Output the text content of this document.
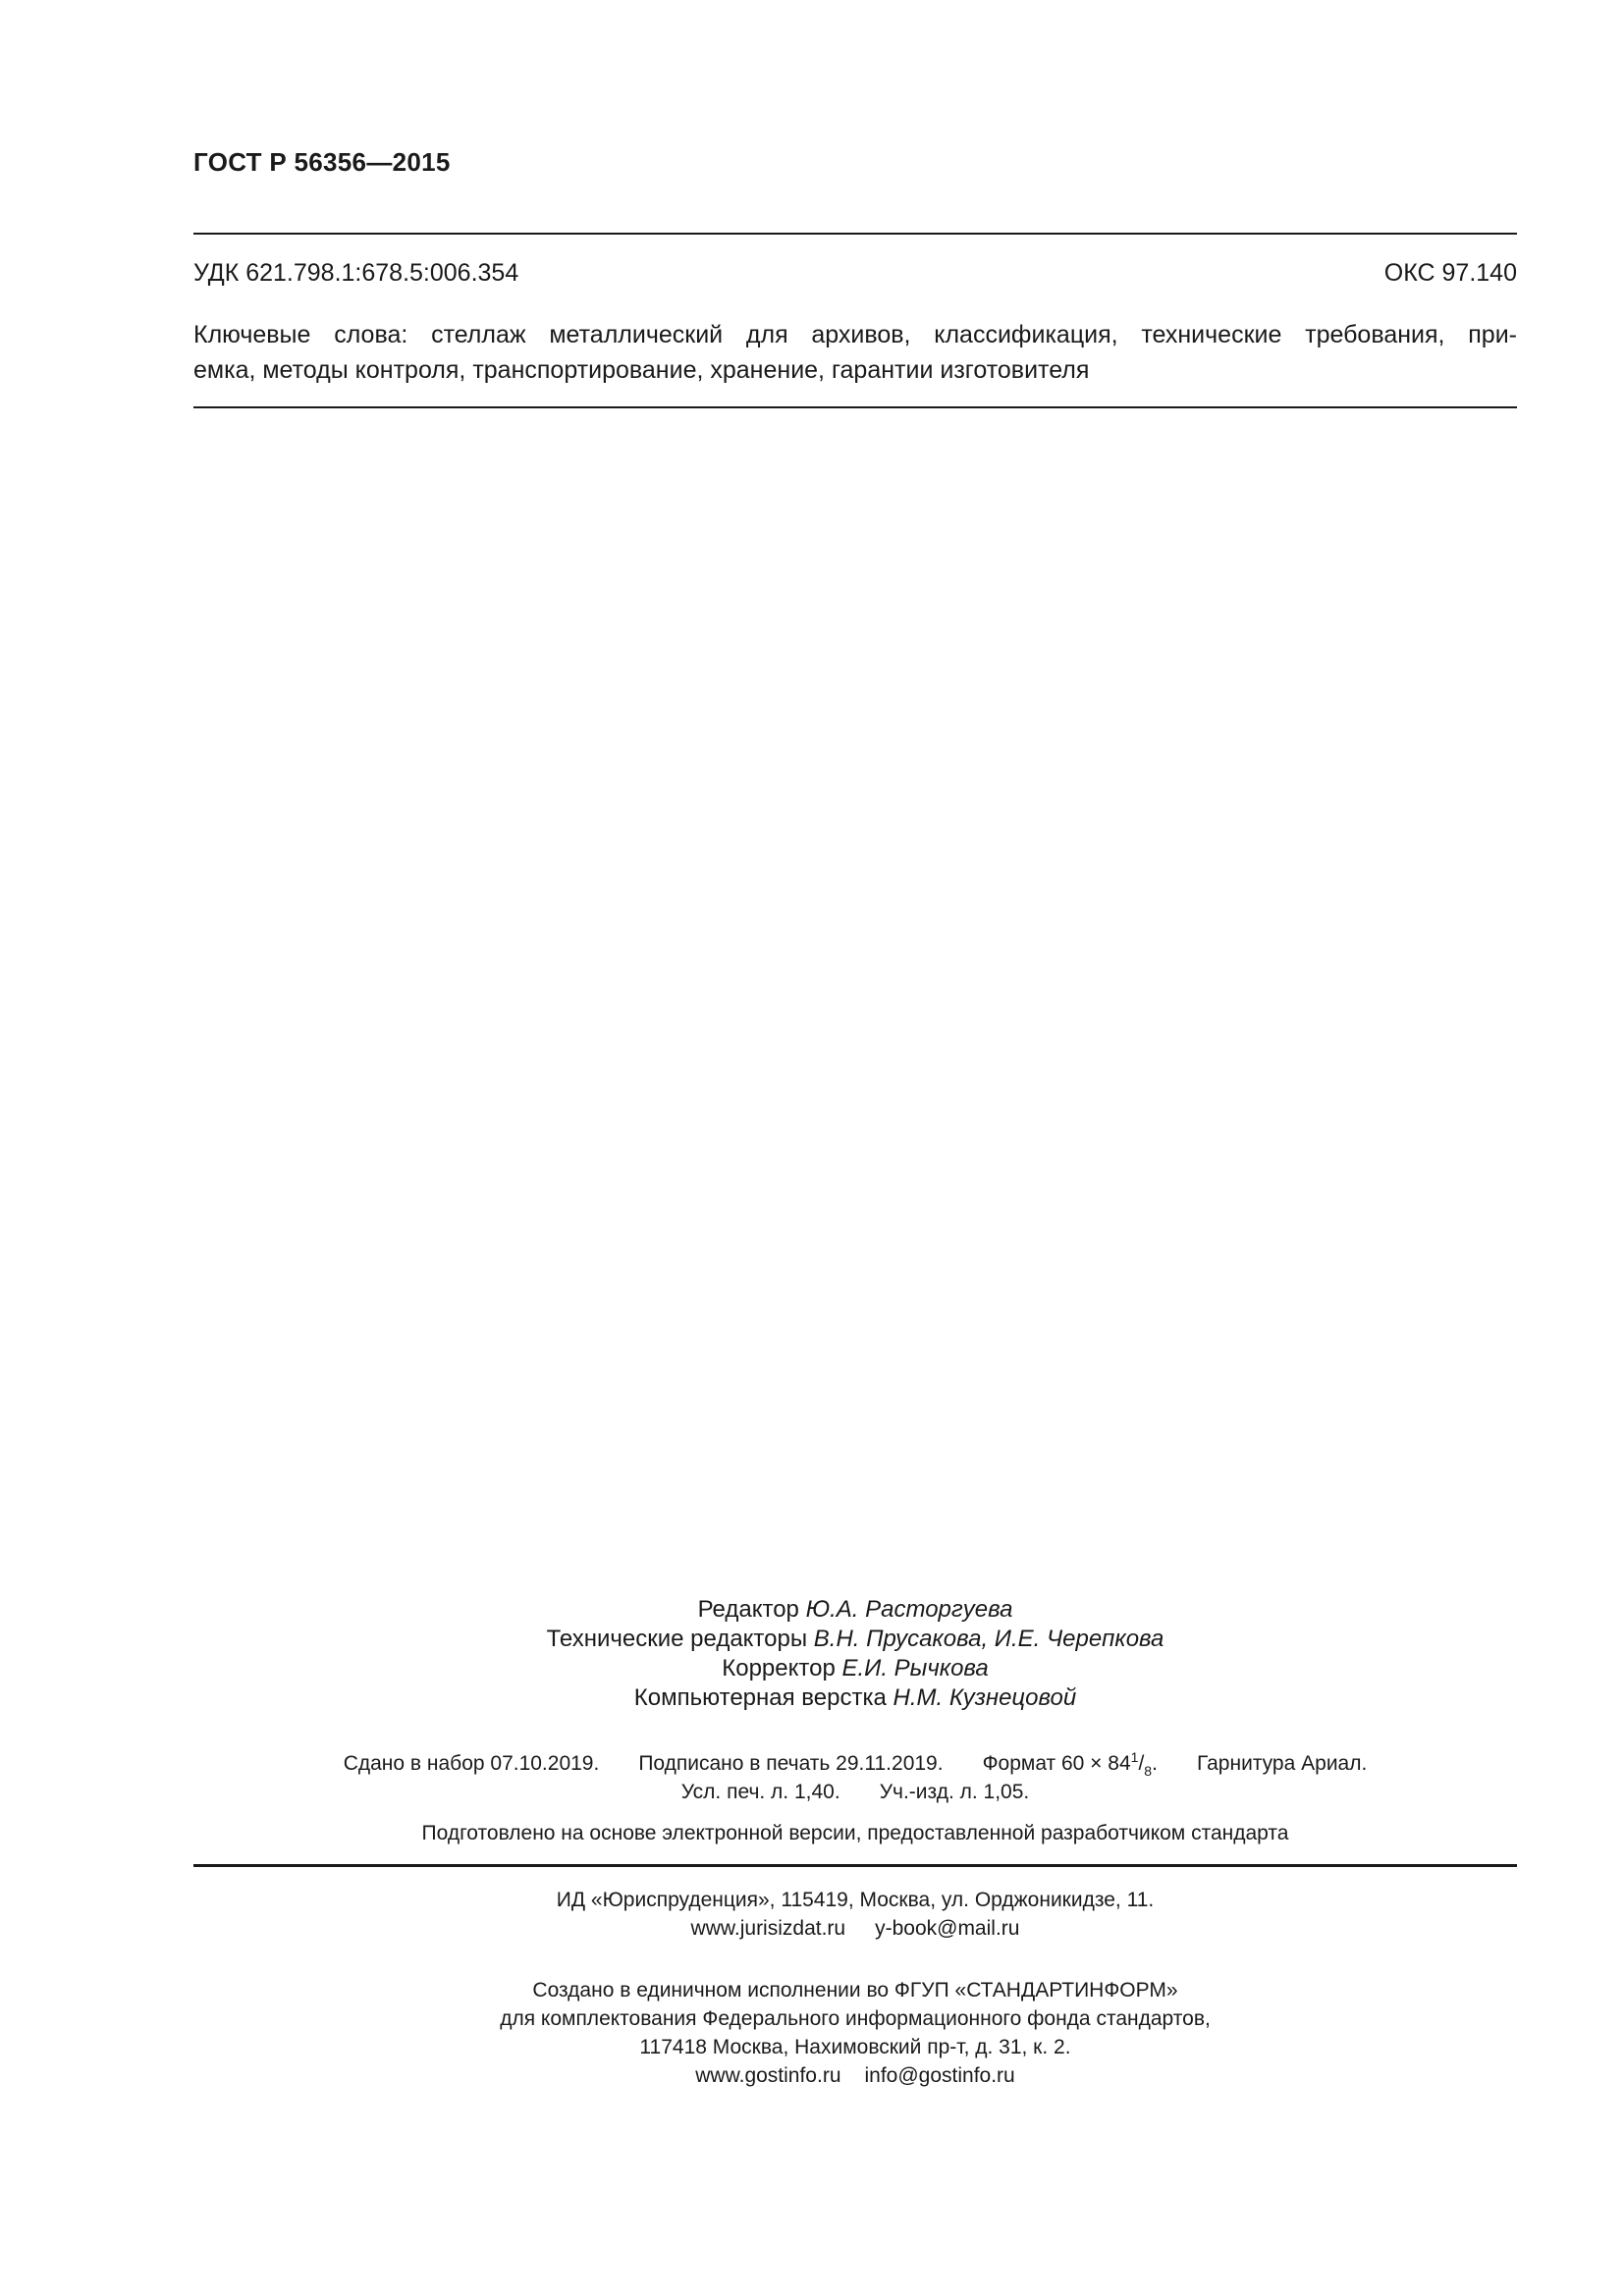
ГОСТ Р 56356—2015
УДК 621.798.1:678.5:006.354	ОКС 97.140
Ключевые слова: стеллаж металлический для архивов, классификация, технические требования, при-
емка, методы контроля, транспортирование, хранение, гарантии изготовителя
Редактор Ю.А. Расторгуева
Технические редакторы В.Н. Прусакова, И.Е. Черепкова
Корректор Е.И. Рычкова
Компьютерная верстка Н.М. Кузнецовой
Сдано в набор 07.10.2019. Подписано в печать 29.11.2019. Формат $60 \times 84^1/_8$. Гарнитура Ариал.
Усл. печ. л. 1,40. Уч.-изд. л. 1,05.
Подготовлено на основе электронной версии, предоставленной разработчиком стандарта
ИД «Юриспруденция», 115419, Москва, ул. Орджоникидзе, 11.
www.jurisizdat.ru y-book@mail.ru
Создано в единичном исполнении во ФГУП «СТАНДАРТИНФОРМ»
для комплектования Федерального информационного фонда стандартов,
117418 Москва, Нахимовский пр-т, д. 31, к. 2.
www.gostinfo.ru info@gostinfo.ru
